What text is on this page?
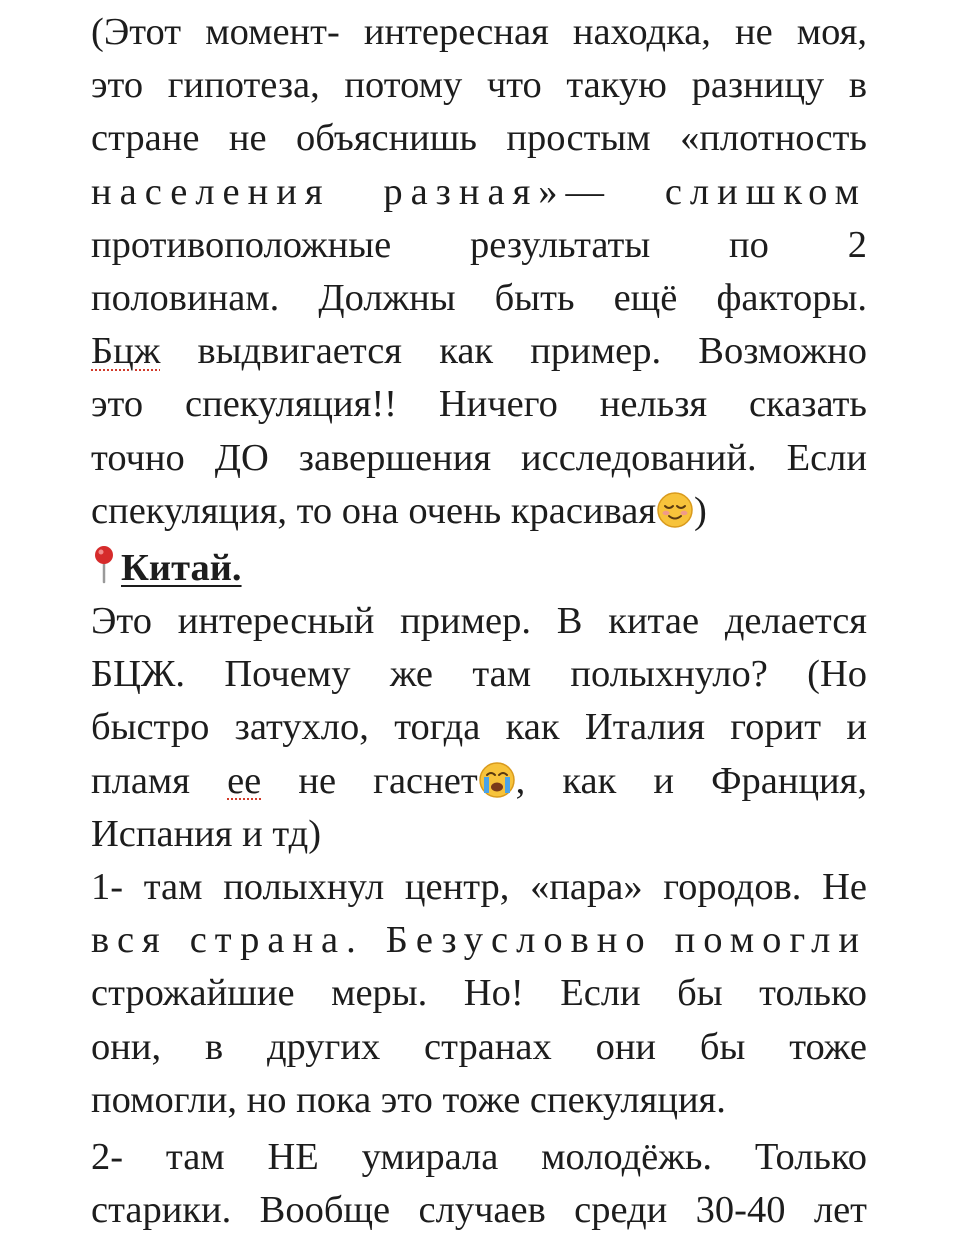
(Этот момент- интересная находка, не моя,
это гипотеза, потому что такую разницу в
стране не объяснишь простым «плотность
населения разная»— слишком
противоположные результаты по 2
половинам. Должны быть ещё факторы.
Бцж выдвигается как пример. Возможно
это спекуляция!! Ничего нельзя сказать
точно ДО завершения исследований. Если
спекуляция, то она очень красивая )
Китай.
Это интересный пример. В китае делается
БЦЖ. Почему же там полыхнуло? (Но
быстро затухло, тогда как Италия горит и
пламя ее не гаснет , как и Франция,
Испания и тд)
1- там полыхнул центр, «пара» городов. Не
вся страна. Безусловно помогли
строжайшие меры. Но! Если бы только
они, в других странах они бы тоже
помогли, но пока это тоже спекуляция.
2- там НЕ умирала молодёжь. Только
старики. Вообще случаев среди 30-40 лет
